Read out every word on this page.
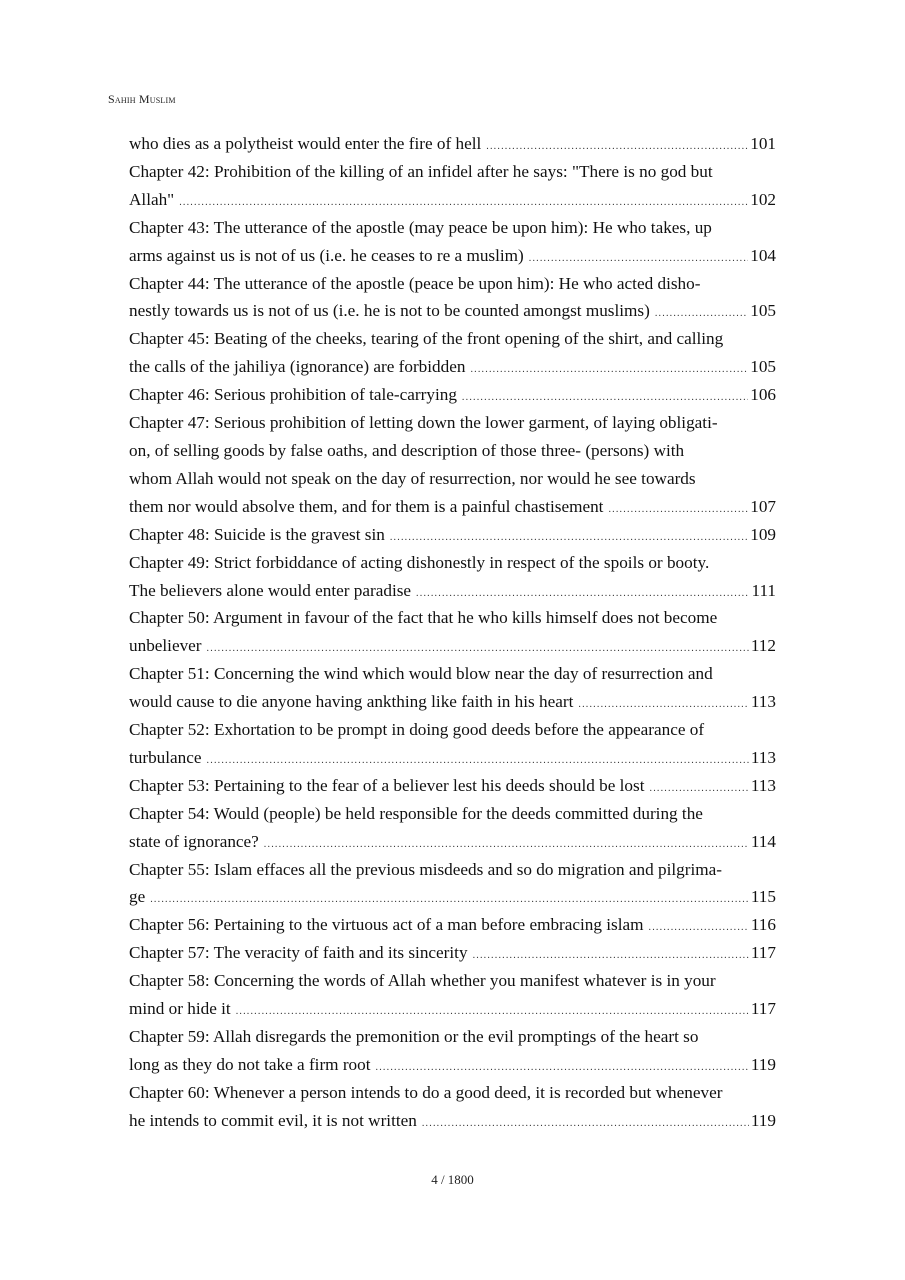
Sahih Muslim
who dies as a polytheist would enter the fire of hell .....	101
Chapter 42: Prohibition of the killing of an infidel after he says: "There is no god but
Allah" .....	102
Chapter 43: The utterance of the apostle (may peace be upon him): He who takes, up
arms against us is not of us (i.e. he ceases to re a muslim) .....	104
Chapter 44: The utterance of the apostle (peace be upon him): He who acted disho-
nestly towards us is not of us (i.e. he is not to be counted amongst muslims) .....	105
Chapter 45: Beating of the cheeks, tearing of the front opening of the shirt, and calling
the calls of the jahiliya (ignorance) are forbidden .....	105
Chapter 46: Serious prohibition of tale-carrying .....	106
Chapter 47: Serious prohibition of letting down the lower garment, of laying obligati-
on, of selling goods by false oaths, and description of those three- (persons) with
whom Allah would not speak on the day of resurrection, nor would he see towards
them nor would absolve them, and for them is a painful chastisement .....	107
Chapter 48: Suicide is the gravest sin .....	109
Chapter 49: Strict forbiddance of acting dishonestly in respect of the spoils or booty.
The believers alone would enter paradise .....	111
Chapter 50: Argument in favour of the fact that he who kills himself does not become
unbeliever .....	112
Chapter 51: Concerning the wind which would blow near the day of resurrection and
would cause to die anyone having ankthing like faith in his heart .....	113
Chapter 52: Exhortation to be prompt in doing good deeds before the appearance of
turbulance .....	113
Chapter 53: Pertaining to the fear of a believer lest his deeds should be lost .....	113
Chapter 54: Would (people) be held responsible for the deeds committed during the
state of ignorance? .....	114
Chapter 55: Islam effaces all the previous misdeeds and so do migration and pilgrima-
ge .....	115
Chapter 56: Pertaining to the virtuous act of a man before embracing islam .....	116
Chapter 57: The veracity of faith and its sincerity .....	117
Chapter 58: Concerning the words of Allah whether you manifest whatever is in your
mind or hide it .....	117
Chapter 59: Allah disregards the premonition or the evil promptings of the heart so
long as they do not take a firm root .....	119
Chapter 60: Whenever a person intends to do a good deed, it is recorded but whenever
he intends to commit evil, it is not written .....	119
4 / 1800
